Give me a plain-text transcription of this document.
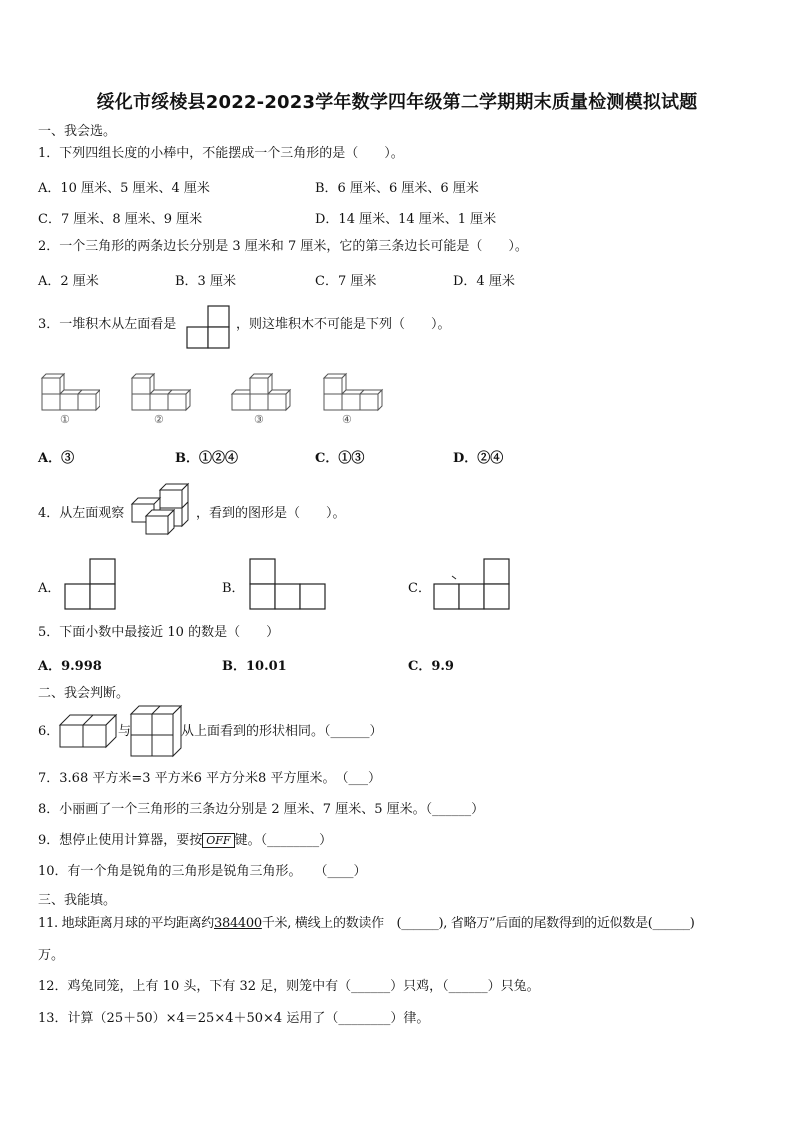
绥化市绥棱县2022-2023学年数学四年级第二学期期末质量检测模拟试题
一、我会选。
1．下列四组长度的小棒中，不能摆成一个三角形的是（　　）。
A．10 厘米、5 厘米、4 厘米	B．6 厘米、6 厘米、6 厘米
C．7 厘米、8 厘米、9 厘米	D．14 厘米、14 厘米、1 厘米
2．一个三角形的两条边长分别是 3 厘米和 7 厘米，它的第三条边长可能是（　　）。
A．2 厘米	B．3 厘米	C．7 厘米	D．4 厘米
3．一堆积木从左面看是	，则这堆积木不可能是下列（　　）。
①	②	③	④
A．③	B．①②④	C．①③	D．②④
4．从左面观察	，看到的图形是（　　）。
A．	B．	C．
5．下面小数中最接近 10 的数是（　　）
A．9.998	B．10.01	C．9.9
二、我会判断。
6．	与	从上面看到的形状相同。（______）
7．3.68 平方米=3 平方米6 平方分米8 平方厘米。　（___）
8．小丽画了一个三角形的三条边分别是 2 厘米、7 厘米、5 厘米。（______）
9．想停止使用计算器，要按 OFF 键。（________）
10．有一个角是锐角的三角形是锐角三角形。　　（____）
三、我能填。
11. 地球距离月球的平均距离约384400千米, 横线上的数读作　(______), 省略万”后面的尾数得到的近似数是(______)
万。
12．鸡兔同笼，上有 10 头，下有 32 足，则笼中有（______）只鸡，（______）只兔。
13．计算（25＋50）×4＝25×4＋50×4 运用了（________）律。
